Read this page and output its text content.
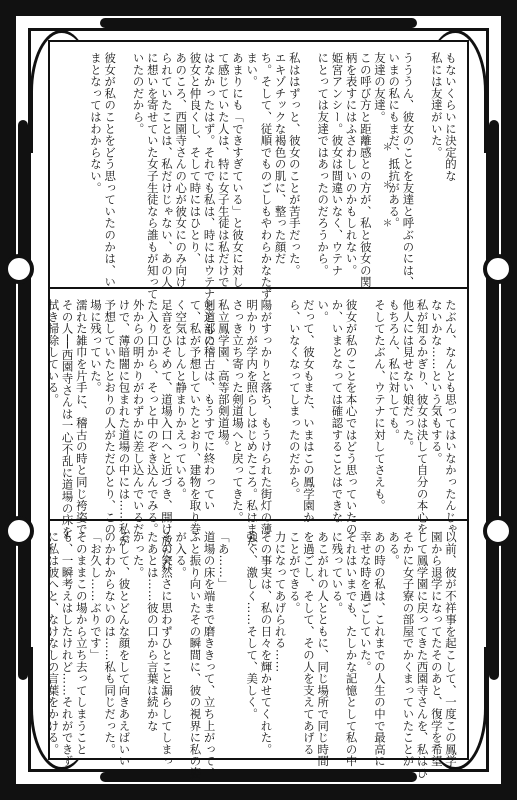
もないくらいに決定的な
私には友達がいた。
うううん、彼女のことを友達と呼ぶのには、
いまの私にもまだ、抵抗がある。
友達の友達。
この呼び方と距離感との方が、私と彼女の関
柄を表すにはふさわしいのかもしれない。
姫宮アンシー。彼女は間違いなく、ウテナ
にとっては友達ではあったのだろうから。
私ははずっと、彼女のことが苦手だった。
エキゾチックな褐色の肌に、整った顔だ
ち。そして、従順でものごしもやわらかなたず
まい。
あまりにも「できすぎている」と彼女に対し
て感じていた人は、特に女子生徒は私だけで
はなかったはず。それでも私は、時にはウテナとともに
彼女と仲良くし、そして時にはひとり、
あのころ、西園寺さんの心が彼女にのみ向け
られていたことは、私だけじゃない、あの人
に想いを寄せていた女子生徒なら誰もが知って
いたのだから。
彼女が私のことをどう思っていたのかは、い
まとなってはわからない。
＊＊＊
たぶん、なんとも思ってはいなかったんじゃ
ないかな……という気もする。
私が知るかぎり、彼女は決して自分の本心を
他人には見せない娘だった。
もちろん、私に対しても。
そしてたぶん、ウテナに対してさえも。
彼女が私のことを本心ではどう思っていたの
か、いまとなっては確認することはできな
い。
だって、彼女もまた、いまはこの鳳学園か
ら、いなくなってしまったのだから。
陽がすっかりと落ち、もうけられた街灯の薄
明かりが学内を照らしはじめたころ。私はまた、
さっき立ち寄った剣道場へと戻ってきた。
私立鳳学園、高等部剣道場。
剣道部の稽古は、もうすでに終わってい
て、私が予想していたとおり、建物を取り巻
く空気はしんと静まりかえっている。
足音をひそめて、道場入口へと近づき、開け放たれ
た入り口から、そっと中のぞき込んでみる。
外からの明かりがわずかに差し込んでいるだ
けで、薄暗闇に包まれた道場の中には……私が
予想していたとおりの人がただひとり、この
場に残っていた。
濡れた雑巾を片手に、稽古の時と同じ袴姿で
その人──西園寺さんは一心不乱に道場の床を
拭き掃除している。
以前、彼が不祥事を起こして、一度この鳳学
園から退学になってたそのあと、復学を希望
して鳳学園に戻ってきた西園寺さんを、私はひ
そかに女子寮の部屋でかくまっていたことが
ある。
あの時の私は、これまでの人生の中で最高に
幸せな時を過ごしていた。
それはいまでも、たしかな記憶として私の中
に残っている。
あこがれの人とともに、同じ場所で同じ時間
を過ごし、そして、その人を支えてあげる
ことができる。
力になってあげられる……
その事実は、私の日々を輝かせてくれた。
強く、激しく……そして、美しく。
「あ……」
道場の床を端まで磨ききって、立ち上がって、
ふと振り向いたその瞬間に、彼の視界に私の姿
が入る。
その突然さに思わずひとこと漏らしてしまっ
たあとは……彼の口から言葉は続かな
かった。
そして、彼とどんな顔をして向きあえばいい
のかわからないのは……私も同じだった。
「お久し……ぶりです」
そのままこの場から立ち去ってしまうこと
も、一瞬考えはしたけれど……それができず
に私は彼へと、なけなしの言葉をかける。
